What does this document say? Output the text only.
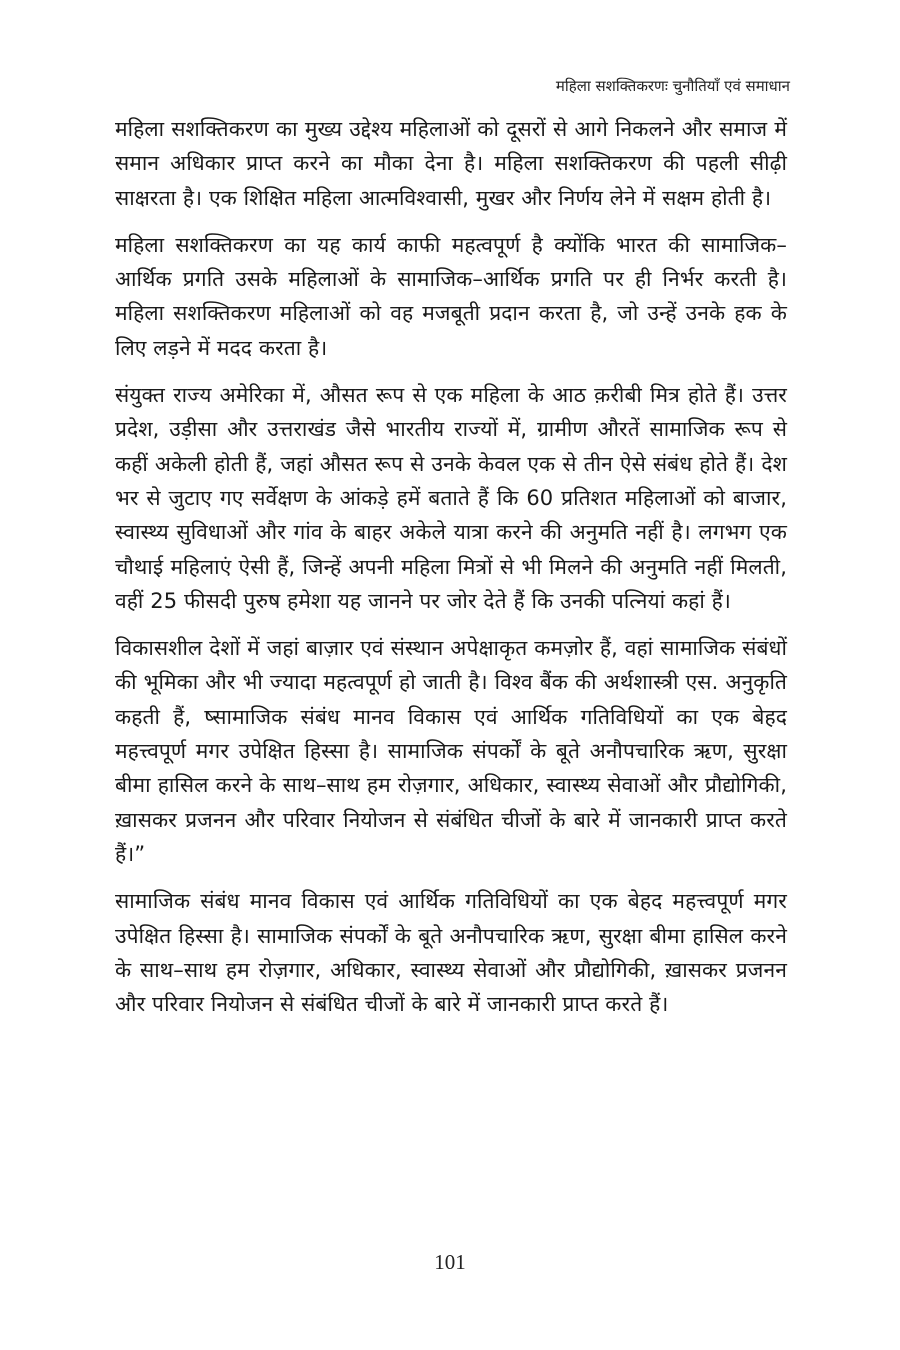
महिला सशक्तिकरणः चुनौतियाँ एवं समाधान

महिला सशक्तिकरण का मुख्य उद्देश्य महिलाओं को दूसरों से आगे निकलने और समाज में समान अधिकार प्राप्त करने का मौका देना है। महिला सशक्तिकरण की पहली सीढ़ी साक्षरता है। एक शिक्षित महिला आत्मविश्वासी, मुखर और निर्णय लेने में सक्षम होती है।

महिला सशक्तिकरण का यह कार्य काफी महत्वपूर्ण है क्योंकि भारत की सामाजिक–आर्थिक प्रगति उसके महिलाओं के सामाजिक–आर्थिक प्रगति पर ही निर्भर करती है। महिला सशक्तिकरण महिलाओं को वह मजबूती प्रदान करता है, जो उन्हें उनके हक के लिए लड़ने में मदद करता है।

संयुक्त राज्य अमेरिका में, औसत रूप से एक महिला के आठ क़रीबी मित्र होते हैं। उत्तर प्रदेश, उड़ीसा और उत्तराखंड जैसे भारतीय राज्यों में, ग्रामीण औरतें सामाजिक रूप से कहीं अकेली होती हैं, जहां औसत रूप से उनके केवल एक से तीन ऐसे संबंध होते हैं। देश भर से जुटाए गए सर्वेक्षण के आंकड़े हमें बताते हैं कि 60 प्रतिशत महिलाओं को बाजार, स्वास्थ्य सुविधाओं और गांव के बाहर अकेले यात्रा करने की अनुमति नहीं है। लगभग एक चौथाई महिलाएं ऐसी हैं, जिन्हें अपनी महिला मित्रों से भी मिलने की अनुमति नहीं मिलती, वहीं 25 फीसदी पुरुष हमेशा यह जानने पर जोर देते हैं कि उनकी पत्नियां कहां हैं।

विकासशील देशों में जहां बाज़ार एवं संस्थान अपेक्षाकृत कमज़ोर हैं, वहां सामाजिक संबंधों की भूमिका और भी ज्यादा महत्वपूर्ण हो जाती है। विश्व बैंक की अर्थशास्त्री एस. अनुकृति कहती हैं, ष्सामाजिक संबंध मानव विकास एवं आर्थिक गतिविधियों का एक बेहद महत्त्वपूर्ण मगर उपेक्षित हिस्सा है। सामाजिक संपर्कों के बूते अनौपचारिक ऋण, सुरक्षा बीमा हासिल करने के साथ–साथ हम रोज़गार, अधिकार, स्वास्थ्य सेवाओं और प्रौद्योगिकी, ख़ासकर प्रजनन और परिवार नियोजन से संबंधित चीजों के बारे में जानकारी प्राप्त करते हैं।”

सामाजिक संबंध मानव विकास एवं आर्थिक गतिविधियों का एक बेहद महत्त्वपूर्ण मगर उपेक्षित हिस्सा है। सामाजिक संपर्कों के बूते अनौपचारिक ऋण, सुरक्षा बीमा हासिल करने के साथ–साथ हम रोज़गार, अधिकार, स्वास्थ्य सेवाओं और प्रौद्योगिकी, ख़ासकर प्रजनन और परिवार नियोजन से संबंधित चीजों के बारे में जानकारी प्राप्त करते हैं।

101
